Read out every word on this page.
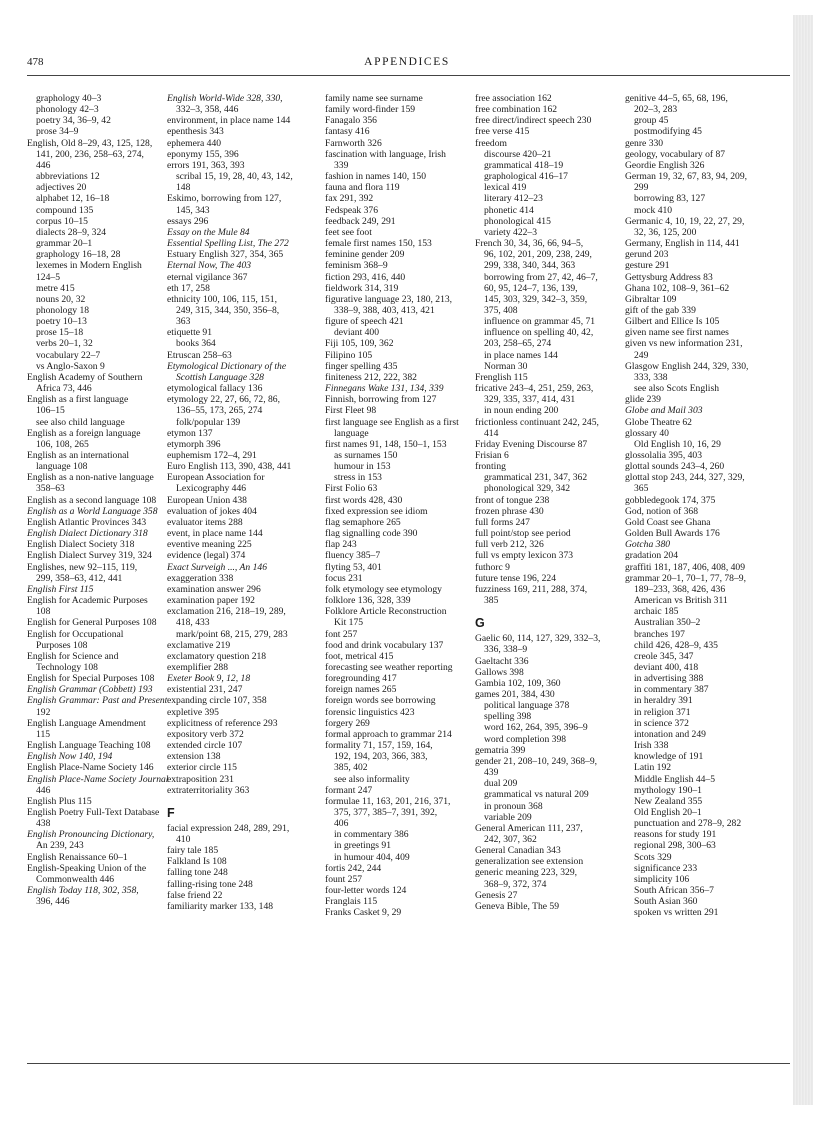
478	APPENDICES
graphology 40–3
phonology 42–3
poetry 34, 36–9, 42
prose 34–9
English, Old 8–29, 43, 125, 128,
141, 200, 236, 258–63, 274,
446
abbreviations 12
adjectives 20
alphabet 12, 16–18
compound 135
corpus 10–15
dialects 28–9, 324
grammar 20–1
graphology 16–18, 28
lexemes in Modern English
124–5
metre 415
nouns 20, 32
phonology 18
poetry 10–13
prose 15–18
verbs 20–1, 32
vocabulary 22–7
vs Anglo-Saxon 9
English Academy of Southern
Africa 73, 446
English as a first language
106–15
see also child language
English as a foreign language
106, 108, 265
English as an international
language 108
English as a non-native language
358–63
English as a second language 108
English as a World Language 358
English Atlantic Provinces 343
English Dialect Dictionary 318
English Dialect Society 318
English Dialect Survey 319, 324
Englishes, new 92–115, 119,
299, 358–63, 412, 441
English First 115
English for Academic Purposes
108
English for General Purposes 108
English for Occupational
Purposes 108
English for Science and
Technology 108
English for Special Purposes 108
English Grammar (Cobbett) 193
English Grammar: Past and Present
192
English Language Amendment
115
English Language Teaching 108
English Now 140, 194
English Place-Name Society 146
English Place-Name Society Journal
446
English Plus 115
English Poetry Full-Text Database
438
English Pronouncing Dictionary,
An 239, 243
English Renaissance 60–1
English-Speaking Union of the
Commonwealth 446
English Today 118, 302, 358,
396, 446
English World-Wide 328, 330,
332–3, 358, 446
environment, in place name 144
epenthesis 343
ephemera 440
eponymy 155, 396
errors 191, 363, 393
scribal 15, 19, 28, 40, 43, 142,
148
Eskimo, borrowing from 127,
145, 343
essays 296
Essay on the Mule 84
Essential Spelling List, The 272
Estuary English 327, 354, 365
Eternal Now, The 403
eternal vigilance 367
eth 17, 258
ethnicity 100, 106, 115, 151,
249, 315, 344, 350, 356–8,
363
etiquette 91
books 364
Etruscan 258–63
Etymological Dictionary of the
Scottish Language 328
etymological fallacy 136
etymology 22, 27, 66, 72, 86,
136–55, 173, 265, 274
folk/popular 139
etymon 137
etymorph 396
euphemism 172–4, 291
Euro English 113, 390, 438, 441
European Association for
Lexicography 446
European Union 438
evaluation of jokes 404
evaluator items 288
event, in place name 144
eventive meaning 225
evidence (legal) 374
Exact Surveigh ..., An 146
exaggeration 338
examination answer 296
examination paper 192
exclamation 216, 218–19, 289,
418, 433
mark/point 68, 215, 279, 283
exclamative 219
exclamatory question 218
exemplifier 288
Exeter Book 9, 12, 18
existential 231, 247
expanding circle 107, 358
expletive 395
explicitness of reference 293
expository verb 372
extended circle 107
extension 138
exterior circle 115
extraposition 231
extraterritoriality 363
F
facial expression 248, 289, 291,
410
fairy tale 185
Falkland Is 108
falling tone 248
falling-rising tone 248
false friend 22
familiarity marker 133, 148
family name see surname
family word-finder 159
Fanagalo 356
fantasy 416
Farnworth 326
fascination with language, Irish
339
fashion in names 140, 150
fauna and flora 119
fax 291, 392
Fedspeak 376
feedback 249, 291
feet see foot
female first names 150, 153
feminine gender 209
feminism 368–9
fiction 293, 416, 440
fieldwork 314, 319
figurative language 23, 180, 213,
338–9, 388, 403, 413, 421
figure of speech 421
deviant 400
Fiji 105, 109, 362
Filipino 105
finger spelling 435
finiteness 212, 222, 382
Finnegans Wake 131, 134, 339
Finnish, borrowing from 127
First Fleet 98
first language see English as a first
language
first names 91, 148, 150–1, 153
as surnames 150
humour in 153
stress in 153
First Folio 63
first words 428, 430
fixed expression see idiom
flag semaphore 265
flag signalling code 390
flap 243
fluency 385–7
flyting 53, 401
focus 231
folk etymology see etymology
folklore 136, 328, 339
Folklore Article Reconstruction
Kit 175
font 257
food and drink vocabulary 137
foot, metrical 415
forecasting see weather reporting
foregrounding 417
foreign names 265
foreign words see borrowing
forensic linguistics 423
forgery 269
formal approach to grammar 214
formality 71, 157, 159, 164,
192, 194, 203, 366, 383,
385, 402
see also informality
formant 247
formulae 11, 163, 201, 216, 371,
375, 377, 385–7, 391, 392,
406
in commentary 386
in greetings 91
in humour 404, 409
fortis 242, 244
fount 257
four-letter words 124
Franglais 115
Franks Casket 9, 29
free association 162
free combination 162
free direct/indirect speech 230
free verse 415
freedom
discourse 420–21
grammatical 418–19
graphological 416–17
lexical 419
literary 412–23
phonetic 414
phonological 415
variety 422–3
French 30, 34, 36, 66, 94–5,
96, 102, 201, 209, 238, 249,
299, 338, 340, 344, 363
borrowing from 27, 42, 46–7,
60, 95, 124–7, 136, 139,
145, 303, 329, 342–3, 359,
375, 408
influence on grammar 45, 71
influence on spelling 40, 42,
203, 258–65, 274
in place names 144
Norman 30
Frenglish 115
fricative 243–4, 251, 259, 263,
329, 335, 337, 414, 431
in noun ending 200
frictionless continuant 242, 245,
414
Friday Evening Discourse 87
Frisian 6
fronting
grammatical 231, 347, 362
phonological 329, 342
front of tongue 238
frozen phrase 430
full forms 247
full point/stop see period
full verb 212, 326
full vs empty lexicon 373
futhorc 9
future tense 196, 224
fuzziness 169, 211, 288, 374,
385
G
Gaelic 60, 114, 127, 329, 332–3,
336, 338–9
Gaeltacht 336
Gallows 398
Gambia 102, 109, 360
games 201, 384, 430
political language 378
spelling 398
word 162, 264, 395, 396–9
word completion 398
gematria 399
gender 21, 208–10, 249, 368–9,
439
dual 209
grammatical vs natural 209
in pronoun 368
variable 209
General American 111, 237,
242, 307, 362
General Canadian 343
generalization see extension
generic meaning 223, 329,
368–9, 372, 374
Genesis 27
Geneva Bible, The 59
genitive 44–5, 65, 68, 196,
202–3, 283
group 45
postmodifying 45
genre 330
geology, vocabulary of 87
Geordie English 326
German 19, 32, 67, 83, 94, 209,
299
borrowing 83, 127
mock 410
Germanic 4, 10, 19, 22, 27, 29,
32, 36, 125, 200
Germany, English in 114, 441
gerund 203
gesture 291
Gettysburg Address 83
Ghana 102, 108–9, 361–62
Gibraltar 109
gift of the gab 339
Gilbert and Ellice Is 105
given name see first names
given vs new information 231,
249
Glasgow English 244, 329, 330,
333, 338
see also Scots English
glide 239
Globe and Mail 303
Globe Theatre 62
glossary 40
Old English 10, 16, 29
glossolalia 395, 403
glottal sounds 243–4, 260
glottal stop 243, 244, 327, 329,
365
gobbledegook 174, 375
God, notion of 368
Gold Coast see Ghana
Golden Bull Awards 176
Gotcha 380
gradation 204
graffiti 181, 187, 406, 408, 409
grammar 20–1, 70–1, 77, 78–9,
189–233, 368, 426, 436
American vs British 311
archaic 185
Australian 350–2
branches 197
child 426, 428–9, 435
creole 345, 347
deviant 400, 418
in advertising 388
in commentary 387
in heraldry 391
in religion 371
in science 372
intonation and 249
Irish 338
knowledge of 191
Latin 192
Middle English 44–5
mythology 190–1
New Zealand 355
Old English 20–1
punctuation and 278–9, 282
reasons for study 191
regional 298, 300–63
Scots 329
significance 233
simplicity 106
South African 356–7
South Asian 360
spoken vs written 291
